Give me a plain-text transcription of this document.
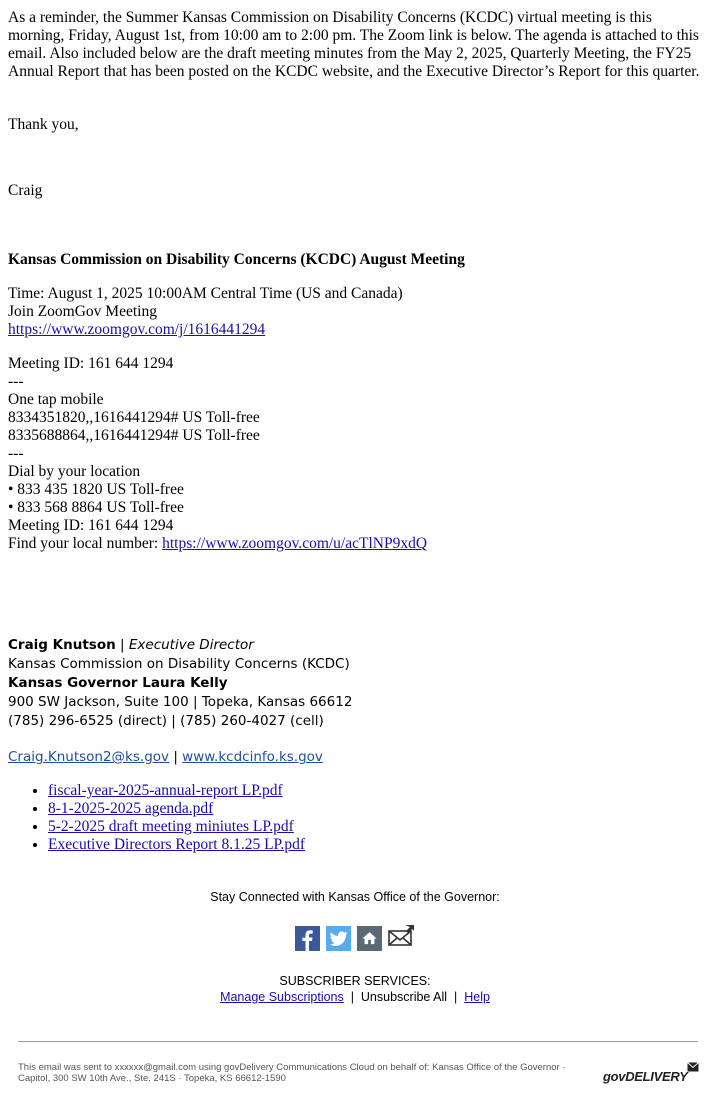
As a reminder, the Summer Kansas Commission on Disability Concerns (KCDC) virtual meeting is this morning, Friday, August 1st, from 10:00 am to 2:00 pm. The Zoom link is below. The agenda is attached to this email. Also included below are the draft meeting minutes from the May 2, 2025, Quarterly Meeting, the FY25 Annual Report that has been posted on the KCDC website, and the Executive Director’s Report for this quarter.

Thank you,

Craig

Kansas Commission on Disability Concerns (KCDC) August Meeting

Time: August 1, 2025 10:00AM Central Time (US and Canada)

Join ZoomGov Meeting

https://www.zoomgov.com/j/1616441294

Meeting ID: 161 644 1294

---

One tap mobile

8334351820,,1616441294# US Toll-free

8335688864,,1616441294# US Toll-free

---

Dial by your location

• 833 435 1820 US Toll-free

• 833 568 8864 US Toll-free

Meeting ID: 161 644 1294

Find your local number: https://www.zoomgov.com/u/acTlNP9xdQ

Craig Knutson | Executive Director

Kansas Commission on Disability Concerns (KCDC)

Kansas Governor Laura Kelly

900 SW Jackson, Suite 100 | Topeka, Kansas 66612

(785) 296-6525 (direct) | (785) 260-4027 (cell)

Craig.Knutson2@ks.gov | www.kcdcinfo.ks.gov

• fiscal-year-2025-annual-report LP.pdf
• 8-1-2025-2025 agenda.pdf
• 5-2-2025 draft meeting miniutes LP.pdf
• Executive Directors Report 8.1.25 LP.pdf
Stay Connected with Kansas Office of the Governor:

SUBSCRIBER SERVICES:

Manage Subscriptions | Unsubscribe All | Help

This email was sent to xxxxxx@gmail.com using govDelivery Communications Cloud on behalf of: Kansas Office of the Governor · Capitol, 300 SW 10th Ave., Ste. 241S · Topeka, KS 66612-1590	govDELIVERY
